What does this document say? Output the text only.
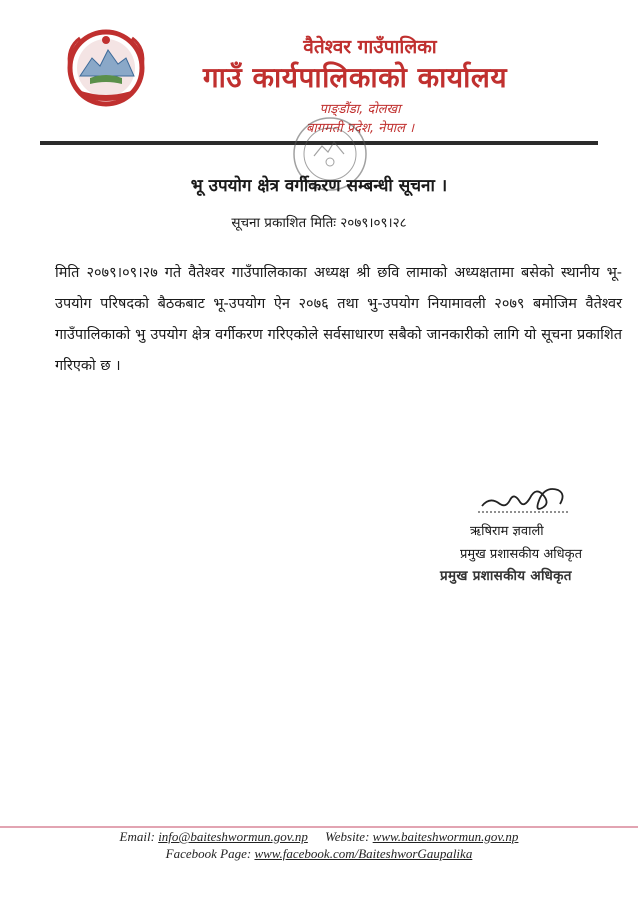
वैतेश्वर गाउँपालिका
गाउँ कार्यपालिकाको कार्यालय
पाङ्डौंडा, दोलखा
बागमती प्रदेश, नेपाल ।
भू उपयोग क्षेत्र वर्गीकरण सम्बन्धी सूचना ।
सूचना प्रकाशित मितिः २०७९।०९।२८

मिति २०७९।०९।२७ गते वैतेश्वर गाउँपालिकाका अध्यक्ष श्री छवि लामाको अध्यक्षतामा बसेको स्थानीय भू-उपयोग परिषदको बैठकबाट भू-उपयोग ऐन २०७६ तथा भु-उपयोग नियामावली २०७९ बमोजिम वैतेश्वर गाउँपालिकाको भु उपयोग क्षेत्र वर्गीकरण गरिएकोले सर्वसाधारण सबैको जानकारीको लागि यो सूचना प्रकाशित गरिएको छ ।

ऋषिराम ज्ञवाली
प्रमुख प्रशासकीय अधिकृत
प्रमुख प्रशासकीय अधिकृत
Email: info@baiteshwormun.gov.np Website: www.baiteshwormun.gov.np
Facebook Page: www.facebook.com/BaiteshworGaupalika
